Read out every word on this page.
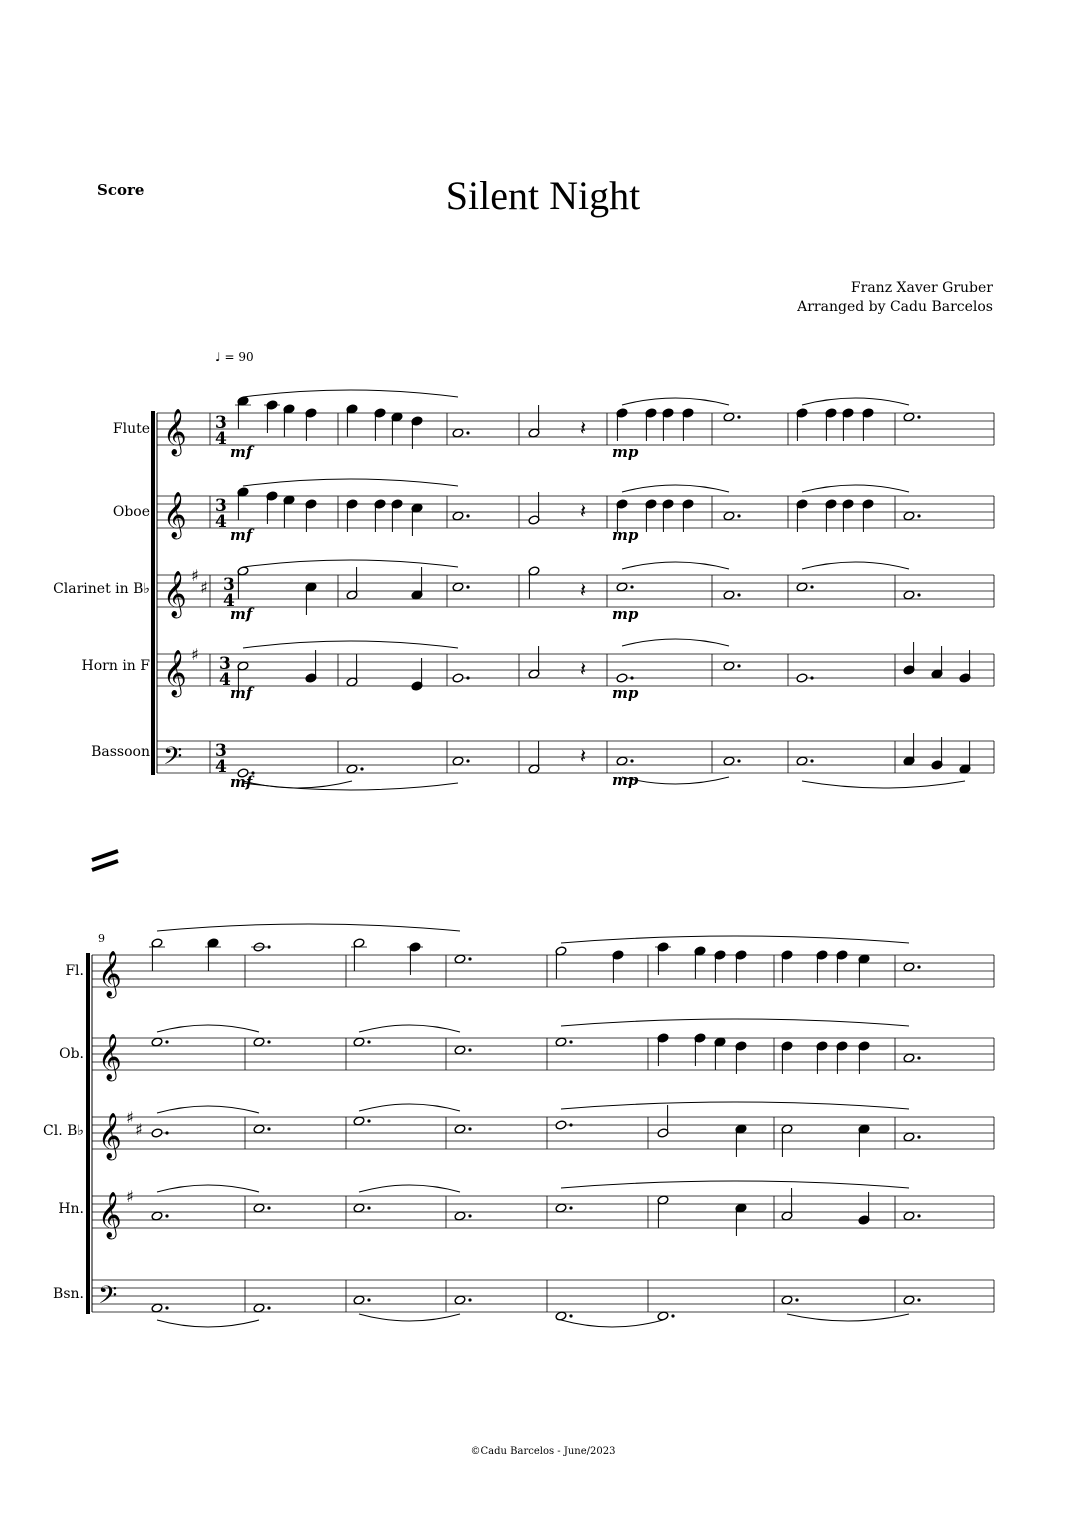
Score	Silent Night
Franz Xaver Gruber
Arranged by Cadu Barcelos
♩ = 90
Flute
Oboe
Clarinet in B♭
Horn in F
Bassoon
Fl.
Ob.
Cl. B♭
Hn.
Bsn.
9
𝄞 3
4
𝄞 3
4
𝄞 ♯
♯ 3
4
𝄞 ♯ 3
4
𝄢 3
4
𝄽
mf	mp
𝄽
mf	mp
𝄽
mf	mp
𝄽
mf	mp
𝄽
mf	mp
𝄞
𝄞
𝄞 ♯
♯
𝄞 ♯
𝄢
©Cadu Barcelos - June/2023
